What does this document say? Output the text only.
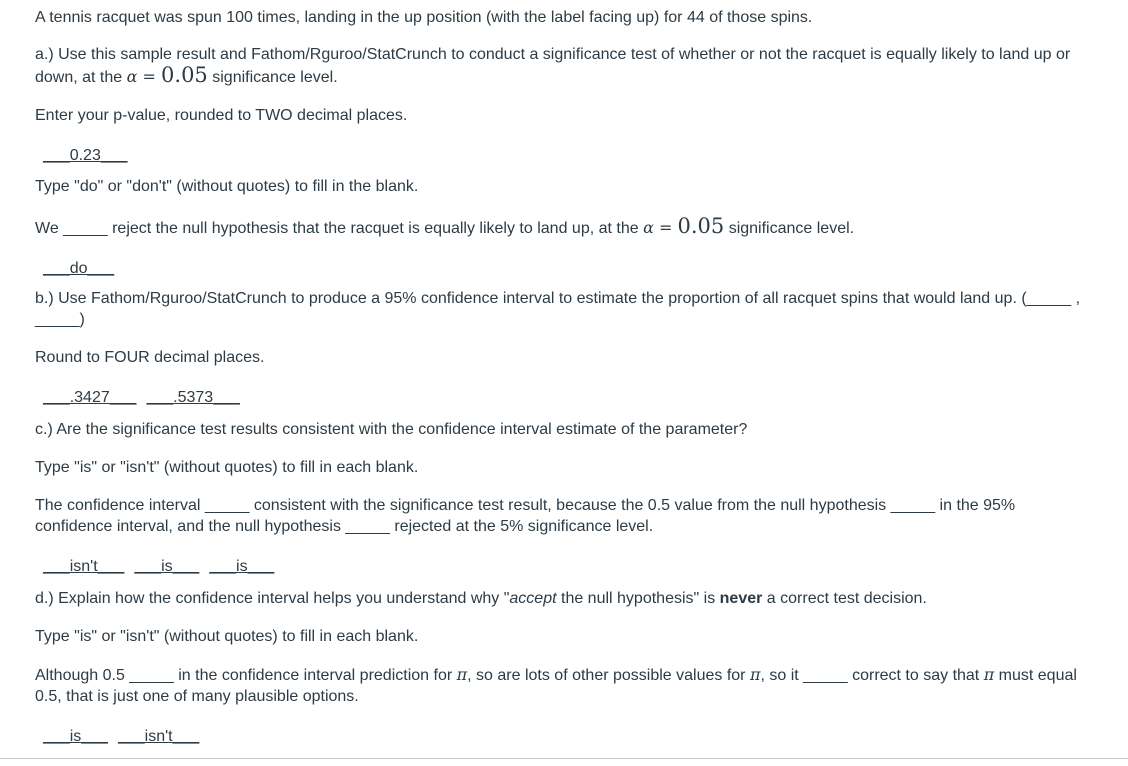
A tennis racquet was spun 100 times, landing in the up position (with the label facing up) for 44 of those spins.

a.) Use this sample result and Fathom/Rguroo/StatCrunch to conduct a significance test of whether or not the racquet is equally likely to land up or down, at the α = 0.05 significance level.

Enter your p-value, rounded to TWO decimal places.

___0.23___

Type "do" or "don't" (without quotes) to fill in the blank.

We _____ reject the null hypothesis that the racquet is equally likely to land up, at the α = 0.05 significance level.

___do___

b.) Use Fathom/Rguroo/StatCrunch to produce a 95% confidence interval to estimate the proportion of all racquet spins that would land up. (_____ , _____)

Round to FOUR decimal places.

___.3427___ ___.5373___

c.) Are the significance test results consistent with the confidence interval estimate of the parameter?

Type "is" or "isn't" (without quotes) to fill in each blank.

The confidence interval _____ consistent with the significance test result, because the 0.5 value from the null hypothesis _____ in the 95% confidence interval, and the null hypothesis _____ rejected at the 5% significance level.

___isn't___ ___is___ ___is___

d.) Explain how the confidence interval helps you understand why "accept the null hypothesis" is never a correct test decision.

Type "is" or "isn't" (without quotes) to fill in each blank.

Although 0.5 _____ in the confidence interval prediction for π, so are lots of other possible values for π, so it _____ correct to say that π must equal 0.5, that is just one of many plausible options.

___is___ ___isn't___
